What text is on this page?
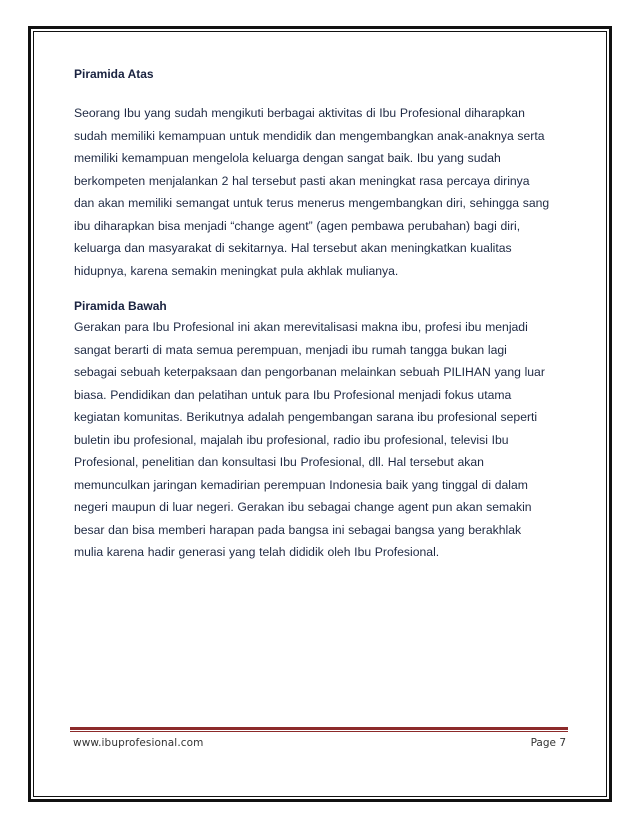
Piramida Atas

Seorang Ibu yang sudah mengikuti berbagai aktivitas di Ibu Profesional diharapkan
sudah memiliki kemampuan untuk mendidik dan mengembangkan anak-anaknya serta
memiliki kemampuan mengelola keluarga dengan sangat baik. Ibu yang sudah
berkompeten menjalankan 2 hal tersebut pasti akan meningkat rasa percaya dirinya
dan akan memiliki semangat untuk terus menerus mengembangkan diri, sehingga sang
ibu diharapkan bisa menjadi “change agent” (agen pembawa perubahan) bagi diri,
keluarga dan masyarakat di sekitarnya. Hal tersebut akan meningkatkan kualitas
hidupnya, karena semakin meningkat pula akhlak mulianya.

Piramida Bawah

Gerakan para Ibu Profesional ini akan merevitalisasi makna ibu, profesi ibu menjadi
sangat berarti di mata semua perempuan, menjadi ibu rumah tangga bukan lagi
sebagai sebuah keterpaksaan dan pengorbanan melainkan sebuah PILIHAN yang luar
biasa. Pendidikan dan pelatihan untuk para Ibu Profesional menjadi fokus utama
kegiatan komunitas. Berikutnya adalah pengembangan sarana ibu profesional seperti
buletin ibu profesional, majalah ibu profesional, radio ibu profesional, televisi Ibu
Profesional, penelitian dan konsultasi Ibu Profesional, dll. Hal tersebut akan
memunculkan jaringan kemadirian perempuan Indonesia baik yang tinggal di dalam
negeri maupun di luar negeri. Gerakan ibu sebagai change agent pun akan semakin
besar dan bisa memberi harapan pada bangsa ini sebagai bangsa yang berakhlak
mulia karena hadir generasi yang telah dididik oleh Ibu Profesional.

www.ibuprofesional.com	Page 7
